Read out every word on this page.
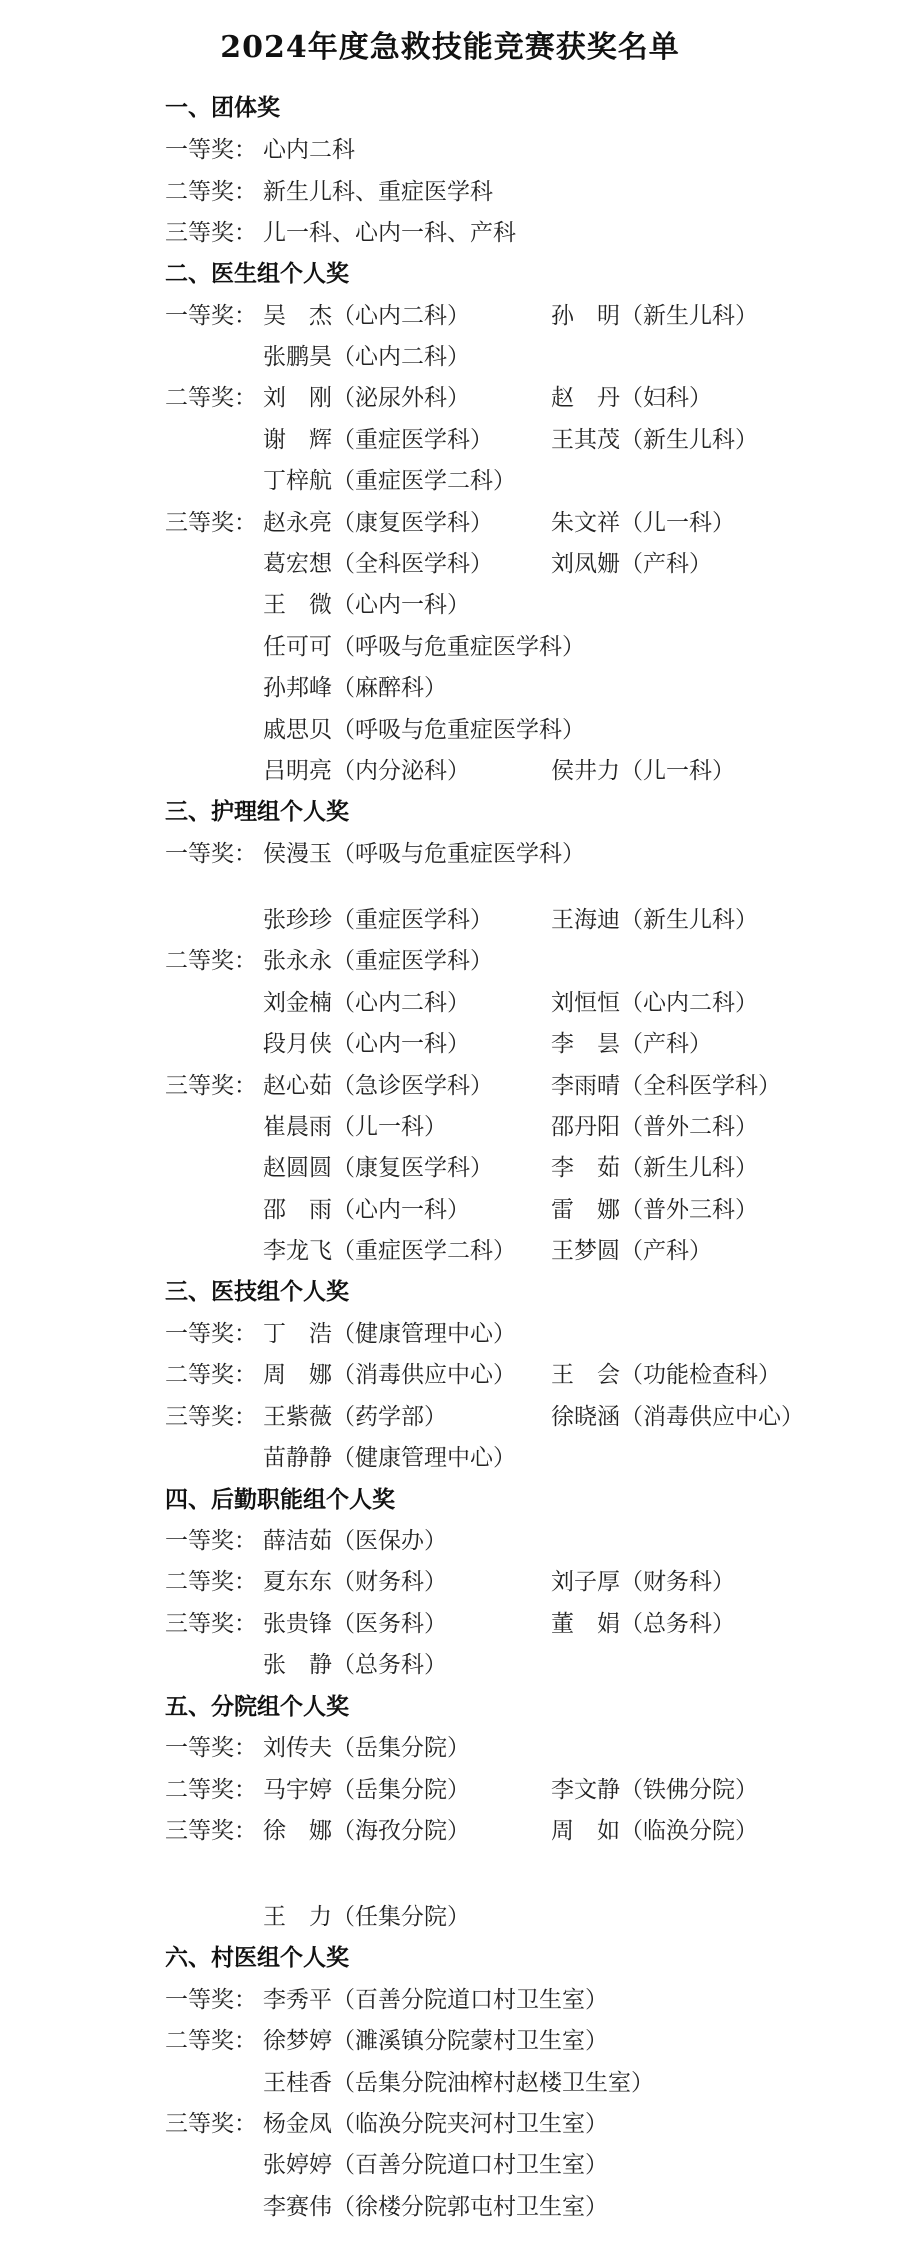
2024年度急救技能竞赛获奖名单
一、团体奖
一等奖： 心内二科
二等奖： 新生儿科、重症医学科
三等奖： 儿一科、心内一科、产科
二、医生组个人奖
一等奖： 吴　杰（心内二科）	孙　明（新生儿科）
张鹏昊（心内二科）
二等奖： 刘　刚（泌尿外科）	赵　丹（妇科）
谢　辉（重症医学科）	王其茂（新生儿科）
丁梓航（重症医学二科）
三等奖： 赵永亮（康复医学科）	朱文祥（儿一科）
葛宏想（全科医学科）	刘凤姗（产科）
王　微（心内一科）
任可可（呼吸与危重症医学科）
孙邦峰（麻醉科）
戚思贝（呼吸与危重症医学科）
吕明亮（内分泌科）	侯井力（儿一科）
三、护理组个人奖
一等奖： 侯漫玉（呼吸与危重症医学科）
张珍珍（重症医学科）	王海迪（新生儿科）
二等奖： 张永永（重症医学科）
刘金楠（心内二科）	刘恒恒（心内二科）
段月侠（心内一科）	李　昙（产科）
三等奖： 赵心茹（急诊医学科）	李雨晴（全科医学科）
崔晨雨（儿一科）	邵丹阳（普外二科）
赵圆圆（康复医学科）	李　茹（新生儿科）
邵　雨（心内一科）	雷　娜（普外三科）
李龙飞（重症医学二科） 王梦圆（产科）
三、医技组个人奖
一等奖： 丁　浩（健康管理中心）
二等奖： 周　娜（消毒供应中心） 王　会（功能检查科）
三等奖： 王紫薇（药学部）	徐晓涵（消毒供应中心）
苗静静（健康管理中心）
四、后勤职能组个人奖
一等奖： 薛洁茹（医保办）
二等奖： 夏东东（财务科）	刘子厚（财务科）
三等奖： 张贵锋（医务科）	董　娟（总务科）
张　静（总务科）
五、分院组个人奖
一等奖： 刘传夫（岳集分院）
二等奖： 马宇婷（岳集分院）	李文静（铁佛分院）
三等奖： 徐　娜（海孜分院）	周　如（临涣分院）
王　力（任集分院）
六、村医组个人奖
一等奖： 李秀平（百善分院道口村卫生室）
二等奖： 徐梦婷（濉溪镇分院蒙村卫生室）
王桂香（岳集分院油榨村赵楼卫生室）
三等奖： 杨金凤（临涣分院夹河村卫生室）
张婷婷（百善分院道口村卫生室）
李赛伟（徐楼分院郭屯村卫生室）
